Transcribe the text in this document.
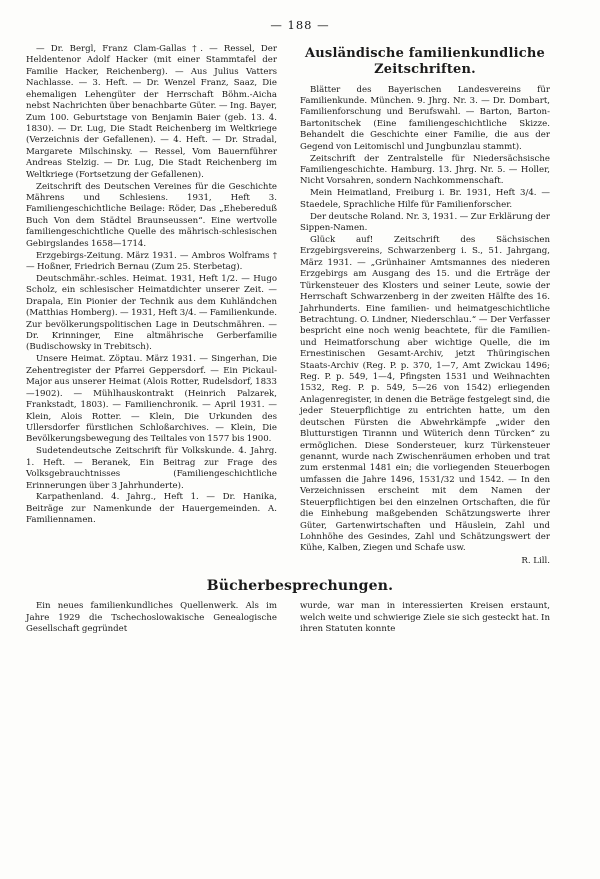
— 188 —

— Dr. Bergl, Franz Clam-Gallas †. — Ressel, Der Heldentenor Adolf Hacker (mit einer Stammtafel der Familie Hacker, Reichenberg). — Aus Julius Vatters Nachlasse. — 3. Heft. — Dr. Wenzel Franz, Saaz, Die ehemaligen Lehengüter der Herrschaft Böhm.-Aicha nebst Nachrichten über benachbarte Güter. — Ing. Bayer, Zum 100. Geburtstage von Benjamin Baier (geb. 13. 4. 1830). — Dr. Lug, Die Stadt Reichenberg im Weltkriege (Verzeichnis der Gefallenen). — 4. Heft. — Dr. Stradal, Margarete Milschinsky. — Ressel, Vom Bauernführer Andreas Stelzig. — Dr. Lug, Die Stadt Reichenberg im Weltkriege (Fortsetzung der Gefallenen).

Zeitschrift des Deutschen Vereines für die Geschichte Mährens und Schlesiens. 1931, Heft 3. Familiengeschichtliche Beilage: Röder, Das „Ehebereduß Buch Von dem Städtel Braunseussen“. Eine wertvolle familiengeschichtliche Quelle des mährisch-schlesischen Gebirgslandes 1658—1714.

Erzgebirgs-Zeitung. März 1931. — Ambros Wolframs † — Hoßner, Friedrich Bernau (Zum 25. Sterbetag).

Deutschmähr.-schles. Heimat. 1931, Heft 1/2. — Hugo Scholz, ein schlesischer Heimatdichter unserer Zeit. — Drapala, Ein Pionier der Technik aus dem Kuhländchen (Matthias Homberg). — 1931, Heft 3/4. — Familienkunde. Zur bevölkerungspolitischen Lage in Deutschmähren. — Dr. Krinninger, Eine altmährische Gerberfamilie (Budischowsky in Trebitsch).

Unsere Heimat. Zöptau. März 1931. — Singerhan, Die Zehentregister der Pfarrei Geppersdorf. — Ein Pickaul-Major aus unserer Heimat (Alois Rotter, Rudelsdorf, 1833—1902). — Mühlhauskontrakt (Heinrich Palzarek, Frankstadt, 1803). — Familienchronik. — April 1931. — Klein, Alois Rotter. — Klein, Die Urkunden des Ullersdorfer fürstlichen Schloßarchives. — Klein, Die Bevölkerungsbewegung des Teiltales von 1577 bis 1900.

Sudetendeutsche Zeitschrift für Volkskunde. 4. Jahrg. 1. Heft. — Beranek, Ein Beitrag zur Frage des Volksgebrauchtnisses (Familiengeschichtliche Erinnerungen über 3 Jahrhunderte).

Karpathenland. 4. Jahrg., Heft 1. — Dr. Hanika, Beiträge zur Namenkunde der Hauergemeinden. A. Familiennamen.

Ausländische familienkundliche Zeitschriften.

Blätter des Bayerischen Landesvereins für Familienkunde. München. 9. Jhrg. Nr. 3. — Dr. Dombart, Familienforschung und Berufswahl. — Barton, Barton-Bartonitschek (Eine familiengeschichtliche Skizze. Behandelt die Geschichte einer Familie, die aus der Gegend von Leitomischl und Jungbunzlau stammt).

Zeitschrift der Zentralstelle für Niedersächsische Familiengeschichte. Hamburg. 13. Jhrg. Nr. 5. — Holler, Nicht Vorsahren, sondern Nachkommenschaft.

Mein Heimatland, Freiburg i. Br. 1931, Heft 3/4. — Staedele, Sprachliche Hilfe für Familienforscher.

Der deutsche Roland. Nr. 3, 1931. — Zur Erklärung der Sippen-Namen.

Glück auf! Zeitschrift des Sächsischen Erzgebirgsvereins, Schwarzenberg i. S., 51. Jahrgang, März 1931. — „Grünhainer Amtsmannes des niederen Erzgebirgs am Ausgang des 15. und die Erträge der Türkensteuer des Klosters und seiner Leute, sowie der Herrschaft Schwarzenberg in der zweiten Hälfte des 16. Jahrhunderts. Eine familien- und heimatgeschichtliche Betrachtung. O. Lindner, Niederschlau.“ — Der Verfasser bespricht eine noch wenig beachtete, für die Familien- und Heimatforschung aber wichtige Quelle, die im Ernestinischen Gesamt-Archiv, jetzt Thüringischen Staats-Archiv (Reg. P. p. 370, 1—7, Amt Zwickau 1496; Reg. P. p. 549, 1—4, Pfingsten 1531 und Weihnachten 1532, Reg. P. p. 549, 5—26 von 1542) erliegenden Anlagenregister, in denen die Beträge festgelegt sind, die jeder Steuerpflichtige zu entrichten hatte, um den deutschen Fürsten die Abwehrkämpfe „wider den Blutturstigen Tirannn und Wüterich denn Türcken“ zu ermöglichen. Diese Sondersteuer, kurz Türkensteuer genannt, wurde nach Zwischenräumen erhoben und trat zum erstenmal 1481 ein; die vorliegenden Steuerbogen umfassen die Jahre 1496, 1531/32 und 1542. — In den Verzeichnissen erscheint mit dem Namen der Steuerpflichtigen bei den einzelnen Ortschaften, die für die Einhebung maßgebenden Schätzungswerte ihrer Güter, Gartenwirtschaften und Häuslein, Zahl und Lohnhöhe des Gesindes, Zahl und Schätzungswert der Kühe, Kalben, Ziegen und Schafe usw.

R. Lill.
Bücherbesprechungen.

Ein neues familienkundliches Quellenwerk. Als im Jahre 1929 die Tschechoslowakische Genealogische Gesellschaft gegründet

wurde, war man in interessierten Kreisen erstaunt, welch weite und schwierige Ziele sie sich gesteckt hat. In ihren Statuten konnte
